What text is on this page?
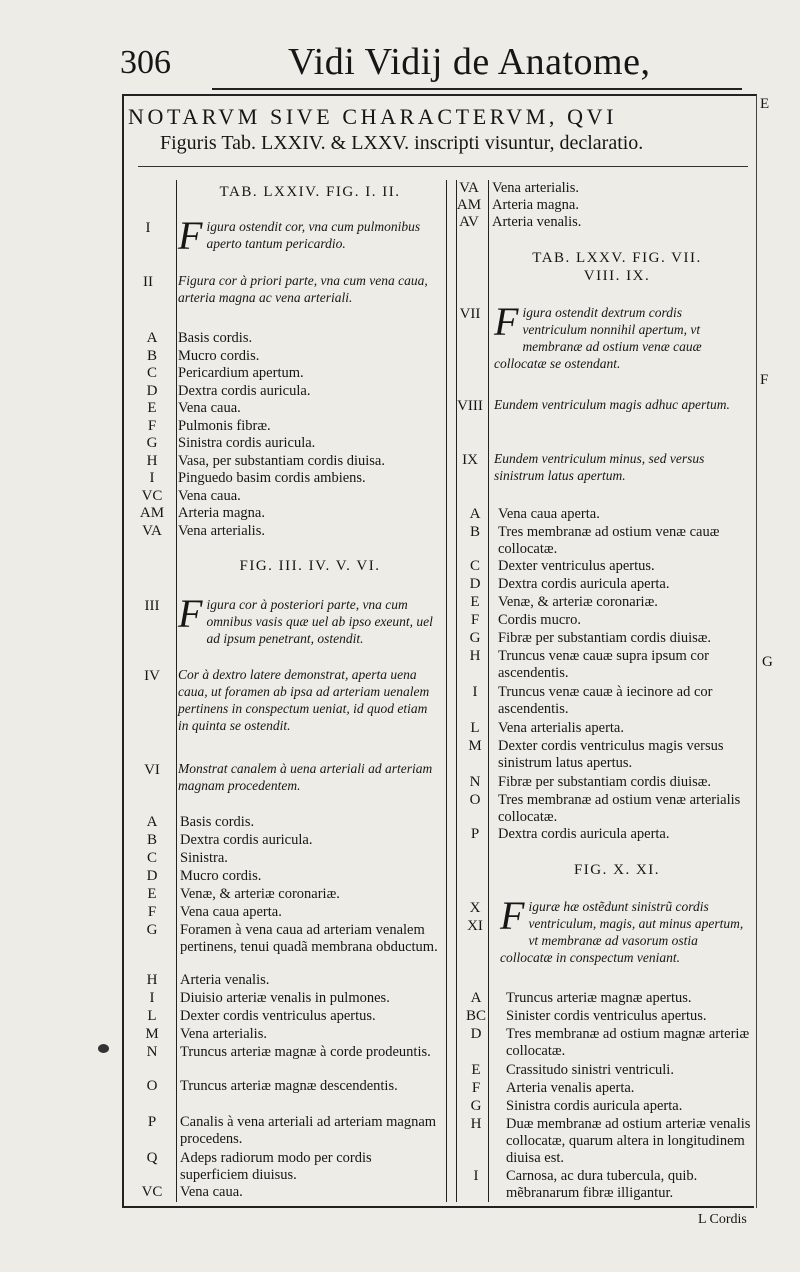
306	Vidi Vidij de Anatome,
NOTARVM SIVE CHARACTERVM, QVI
Figuris Tab. LXXIV. & LXXV. inscripti visuntur, declaratio.
E
F
G
TAB. LXXIV. FIG. I. II.
I Figura ostendit cor, vna cum pulmonibus aperto tantum pericardio.
II	Figura cor à priori parte, vna cum vena caua, arteria magna ac vena arteriali.
A	Basis cordis.
B	Mucro cordis.
C	Pericardium apertum.
D	Dextra cordis auricula.
E	Vena caua.
F	Pulmonis fibræ.
G	Sinistra cordis auricula.
H	Vasa, per substantiam cordis diuisa.
I	Pinguedo basim cordis ambiens.
VC	Vena caua.
AM Arteria magna.
VA	Vena arterialis.
FIG. III. IV. V. VI.
III Figura cor à posteriori parte, vna cum omnibus vasis quæ uel ab ipso exeunt, uel ad ipsum penetrant, ostendit.
IV	Cor à dextro latere demonstrat, aperta uena caua, ut foramen ab ipsa ad arteriam uenalem pertinens in conspectum ueniat, id quod etiam in quinta se ostendit.
VI	Monstrat canalem à uena arteriali ad arteriam magnam procedentem.
A	Basis cordis.
B	Dextra cordis auricula.
C	Sinistra.
D	Mucro cordis.
E	Venæ, & arteriæ coronariæ.
F	Vena caua aperta.
G	Foramen à vena caua ad arteriam venalem pertinens, tenui quadã membrana obductum.
H	Arteria venalis.
I	Diuisio arteriæ venalis in pulmones.
L	Dexter cordis ventriculus apertus.
M	Vena arterialis.
N	Truncus arteriæ magnæ à corde prodeuntis.
O	Truncus arteriæ magnæ descendentis.
P	Canalis à vena arteriali ad arteriam magnam procedens.
Q	Adeps radiorum modo per cordis superficiem diuisus.
VC	Vena caua.
VA Vena arterialis.
AM Arteria magna.
AV Arteria venalis.
TAB. LXXV. FIG. VII.
VIII. IX.
VII Figura ostendit dextrum cordis ventriculum nonnihil apertum, vt membranæ ad ostium venæ cauæ collocatæ se ostendant.
VIII Eundem ventriculum magis adhuc apertum.
IX	Eundem ventriculum minus, sed versus sinistrum latus apertum.
A	Vena caua aperta.
B	Tres membranæ ad ostium venæ cauæ collocatæ.
C	Dexter ventriculus apertus.
D	Dextra cordis auricula aperta.
E	Venæ, & arteriæ coronariæ.
F	Cordis mucro.
G	Fibræ per substantiam cordis diuisæ.
H	Truncus venæ cauæ supra ipsum cor ascendentis.
I	Truncus venæ cauæ à iecinore ad cor ascendentis.
L	Vena arterialis aperta.
M	Dexter cordis ventriculus magis versus sinistrum latus apertus.
N	Fibræ per substantiam cordis diuisæ.
O	Tres membranæ ad ostium venæ arterialis collocatæ.
P	Dextra cordis auricula aperta.
FIG. X. XI.
X
XI Figuræ hæ ostẽdunt sinistrũ cordis ventriculum, magis, aut minus apertum, vt membranæ ad vasorum ostia collocatæ in conspectum veniant.
A	Truncus arteriæ magnæ apertus.
BC	Sinister cordis ventriculus apertus.
D	Tres membranæ ad ostium magnæ arteriæ collocatæ.
E	Crassitudo sinistri ventriculi.
F	Arteria venalis aperta.
G	Sinistra cordis auricula aperta.
H	Duæ membranæ ad ostium arteriæ venalis collocatæ, quarum altera in longitudinem diuisa est.
I	Carnosa, ac dura tubercula, quib. mẽbranarum fibræ illigantur.
L Cordis
